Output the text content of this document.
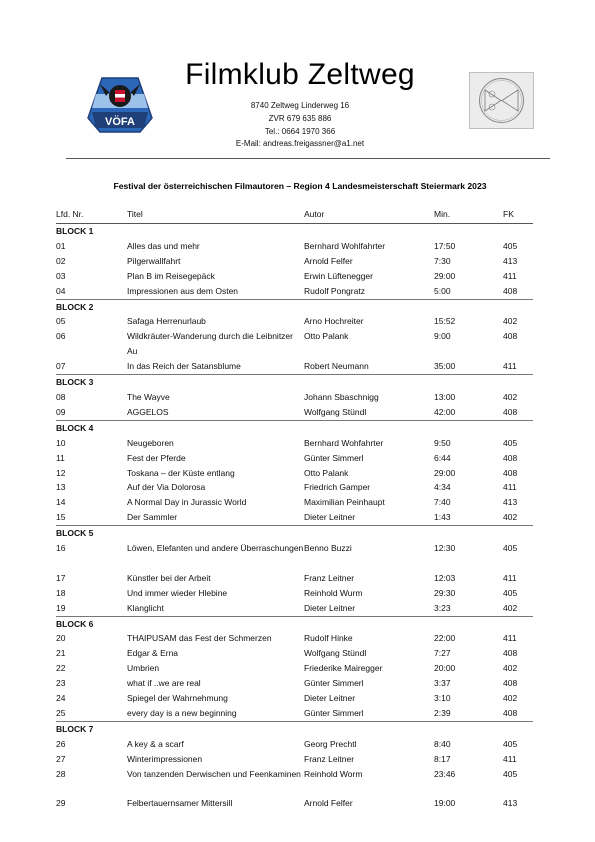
VÖFA
Filmklub Zeltweg
8740 Zeltweg Linderweg 16
ZVR 679 635 886
Tel.: 0664 1970 366
E-Mail: andreas.freigassner@a1.net
Festival der österreichischen Filmautoren – Region 4 Landesmeisterschaft Steiermark 2023
Lfd. Nr.	Titel	Autor	Min.	FK
BLOCK 1				
01	Alles das und mehr	Bernhard Wohlfahrter	17:50	405
02	Pilgerwallfahrt	Arnold Felfer	7:30	413
03	Plan B im Reisegepäck	Erwin Lüftenegger	29:00	411
04	Impressionen aus dem Osten	Rudolf Pongratz	5:00	408
BLOCK 2				
05	Safaga Herrenurlaub	Arno Hochreiter	15:52	402
06	Wildkräuter-Wanderung durch die Leibnitzer Au	Otto Palank	9:00	408
07	In das Reich der Satansblume	Robert Neumann	35:00	411
BLOCK 3				
08	The Wayve	Johann Sbaschnigg	13:00	402
09	AGGELOS	Wolfgang Stündl	42:00	408
BLOCK 4				
10	Neugeboren	Bernhard Wohfahrter	9:50	405
11	Fest der Pferde	Günter Simmerl	6:44	408
12	Toskana – der Küste entlang	Otto Palank	29:00	408
13	Auf der Via Dolorosa	Friedrich Gamper	4:34	411
14	A Normal Day in Jurassic World	Maximilian Peinhaupt	7:40	413
15	Der Sammler	Dieter Leitner	1:43	402
BLOCK 5				
16	Löwen, Elefanten und andere Überraschungen	Benno Buzzi	12:30	405
17	Künstler bei der Arbeit	Franz Leitner	12:03	411
18	Und immer wieder Hlebine	Reinhold Wurm	29:30	405
19	Klanglicht	Dieter Leitner	3:23	402
BLOCK 6				
20	THAIPUSAM das Fest der Schmerzen	Rudolf Hinke	22:00	411
21	Edgar & Erna	Wolfgang Stündl	7:27	408
22	Umbrien	Friederike Mairegger	20:00	402
23	what if ..we are real	Günter Simmerl	3:37	408
24	Spiegel der Wahrnehmung	Dieter Leitner	3:10	402
25	every day is a new beginning	Günter Simmerl	2:39	408
BLOCK 7				
26	A key & a scarf	Georg Prechtl	8:40	405
27	Winterimpressionen	Franz Leitner	8:17	411
28	Von tanzenden Derwischen und Feenkaminen	Reinhold Worm	23:46	405
29	Felbertauernsamer Mittersill	Arnold Felfer	19:00	413
